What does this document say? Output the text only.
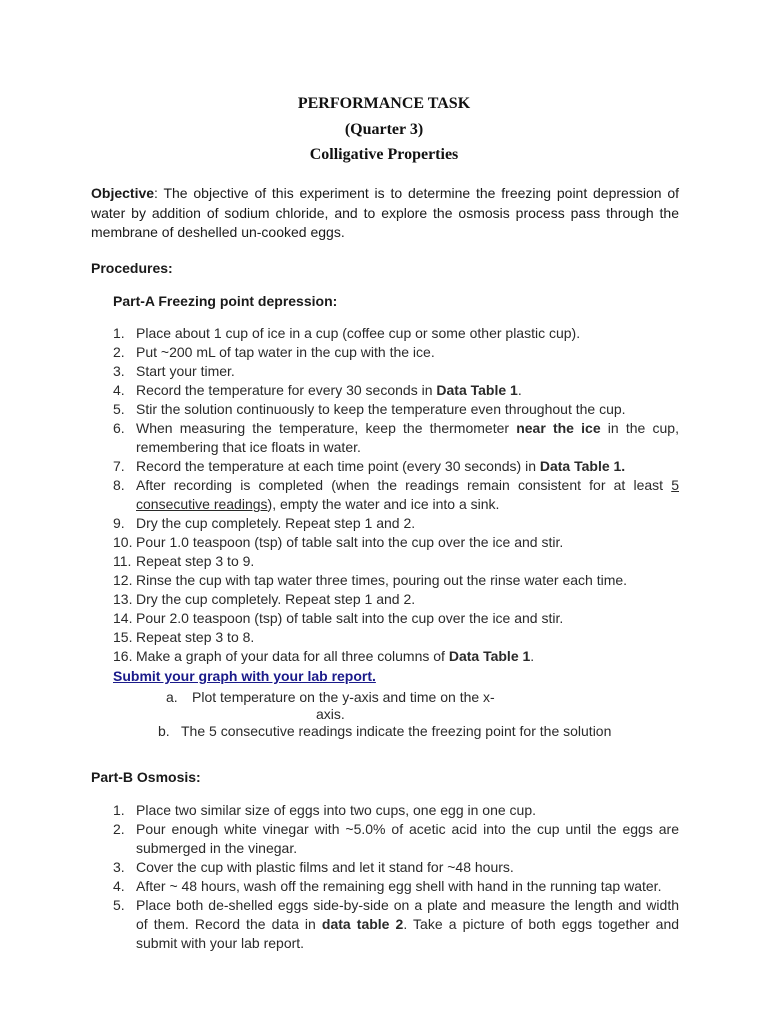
PERFORMANCE TASK
(Quarter 3)
Colligative Properties
Objective: The objective of this experiment is to determine the freezing point depression of water by addition of sodium chloride, and to explore the osmosis process pass through the membrane of deshelled un-cooked eggs.
Procedures:
Part-A Freezing point depression:
1. Place about 1 cup of ice in a cup (coffee cup or some other plastic cup).
2. Put ~200 mL of tap water in the cup with the ice.
3. Start your timer.
4. Record the temperature for every 30 seconds in Data Table 1.
5. Stir the solution continuously to keep the temperature even throughout the cup.
6. When measuring the temperature, keep the thermometer near the ice in the cup, remembering that ice floats in water.
7. Record the temperature at each time point (every 30 seconds) in Data Table 1.
8. After recording is completed (when the readings remain consistent for at least 5 consecutive readings), empty the water and ice into a sink.
9. Dry the cup completely. Repeat step 1 and 2.
10. Pour 1.0 teaspoon (tsp) of table salt into the cup over the ice and stir.
11. Repeat step 3 to 9.
12. Rinse the cup with tap water three times, pouring out the rinse water each time.
13. Dry the cup completely. Repeat step 1 and 2.
14. Pour 2.0 teaspoon (tsp) of table salt into the cup over the ice and stir.
15. Repeat step 3 to 8.
16. Make a graph of your data for all three columns of Data Table 1.
Submit your graph with your lab report.
a. Plot temperature on the y-axis and time on the x-
axis.
b. The 5 consecutive readings indicate the freezing point for the solution
Part-B Osmosis:
1. Place two similar size of eggs into two cups, one egg in one cup.
2. Pour enough white vinegar with ~5.0% of acetic acid into the cup until the eggs are submerged in the vinegar.
3. Cover the cup with plastic films and let it stand for ~48 hours.
4. After ~ 48 hours, wash off the remaining egg shell with hand in the running tap water.
5. Place both de-shelled eggs side-by-side on a plate and measure the length and width of them. Record the data in data table 2. Take a picture of both eggs together and submit with your lab report.
